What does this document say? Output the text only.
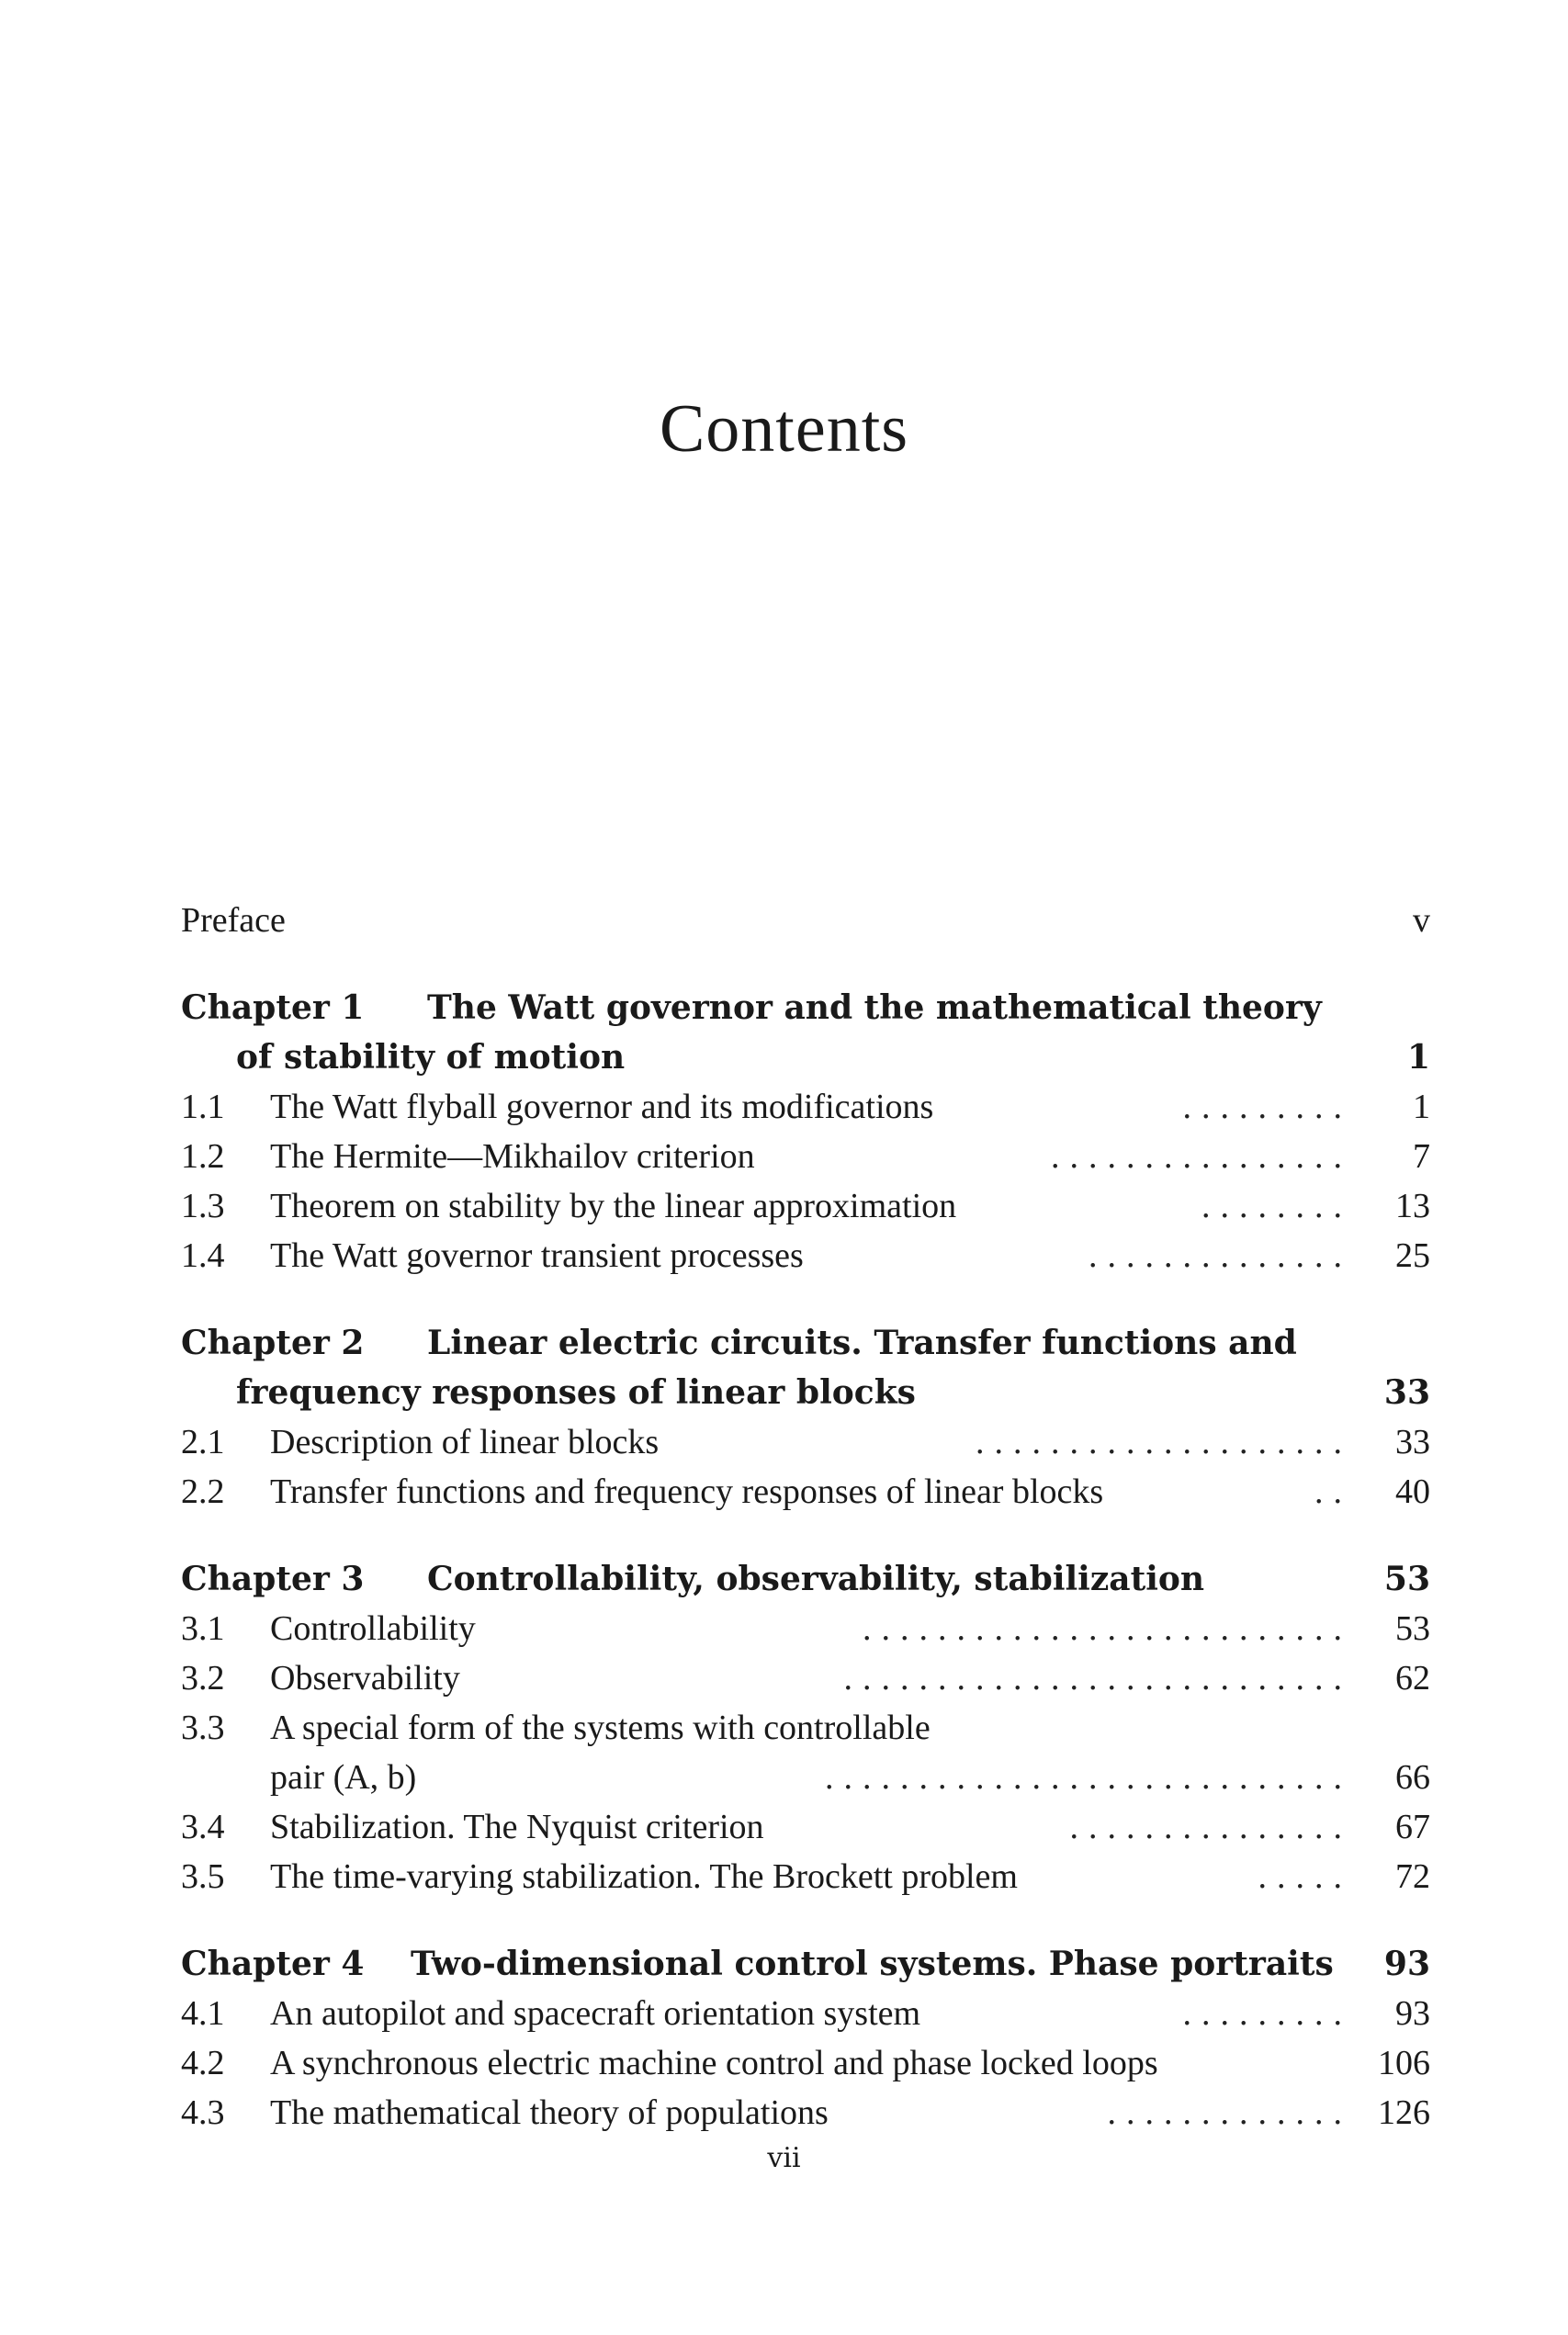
Contents
Preface	v
Chapter 1 The Watt governor and the mathematical theory
of stability of motion	1
1.1 The Watt flyball governor and its modifications	......... 1
1.2 The Hermite—Mikhailov criterion	................ 7
1.3 Theorem on stability by the linear approximation	........ 13
1.4 The Watt governor transient processes	.............. 25
Chapter 2 Linear electric circuits. Transfer functions and
frequency responses of linear blocks	33
2.1 Description of linear blocks	.................... 33
2.2 Transfer functions and frequency responses of linear blocks	.. 40
Chapter 3 Controllability, observability, stabilization	53
3.1 Controllability	.......................... 53
3.2 Observability	........................... 62
3.3 A special form of the systems with controllable
pair (A, b)	............................ 66
3.4 Stabilization. The Nyquist criterion	............... 67
3.5 The time-varying stabilization. The Brockett problem	..... 72
Chapter 4 Two-dimensional control systems. Phase portraits 93
4.1 An autopilot and spacecraft orientation system	......... 93
4.2 A synchronous electric machine control and phase locked loops	106
4.3 The mathematical theory of populations	............. 126
vii
